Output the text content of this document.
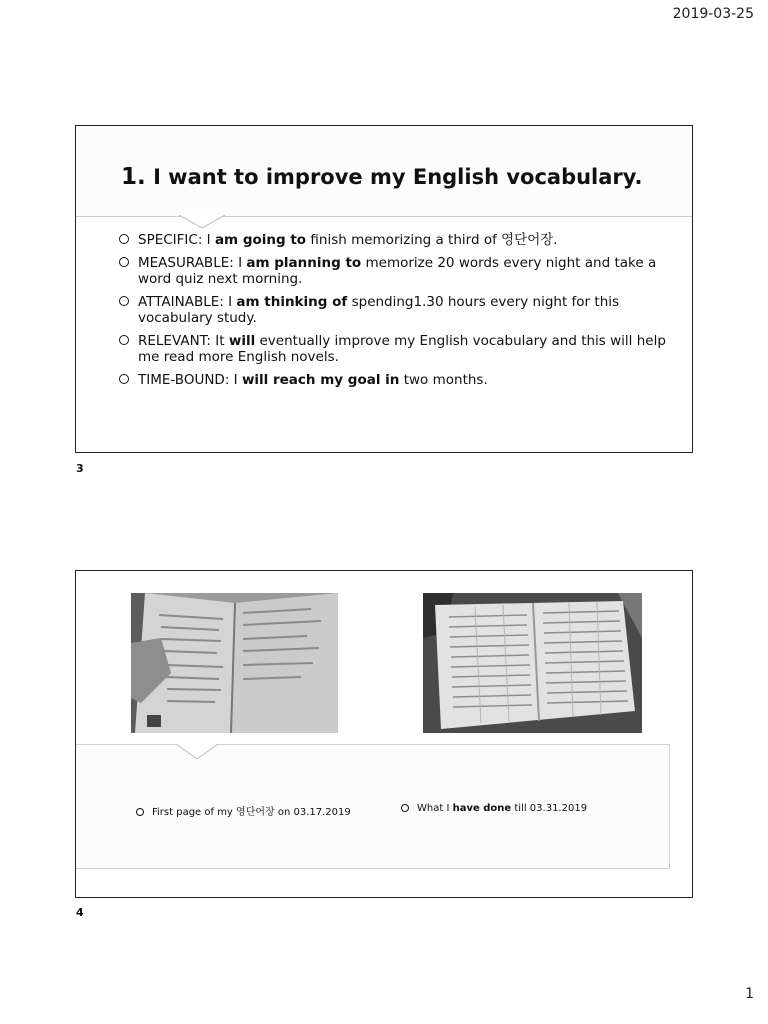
2019-03-25
1. I want to improve my English vocabulary.
SPECIFIC: I am going to finish memorizing a third of 영단어장.
MEASURABLE: I am planning to memorize 20 words every night and take a word quiz next morning.
ATTAINABLE: I am thinking of spending1.30 hours every night for this vocabulary study.
RELEVANT: It will eventually improve my English vocabulary and this will help me read more English novels.
TIME-BOUND: I will reach my goal in two months.
3
First page of my 영단어장 on 03.17.2019	What I have done till 03.31.2019
4
1
